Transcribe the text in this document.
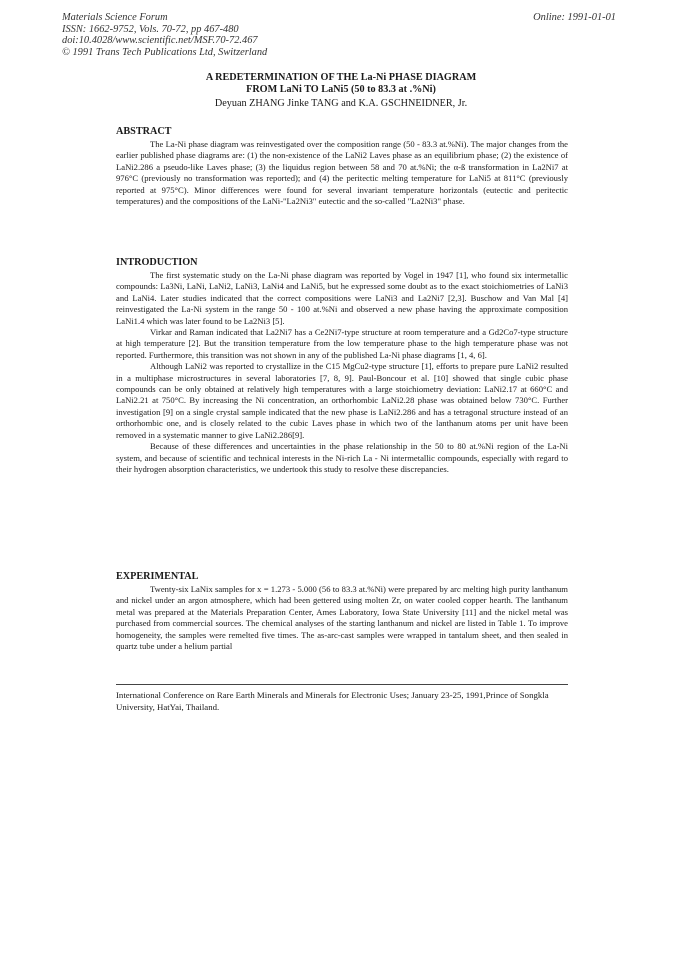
Materials Science Forum
ISSN: 1662-9752, Vols. 70-72, pp 467-480
doi:10.4028/www.scientific.net/MSF.70-72.467
© 1991 Trans Tech Publications Ltd, Switzerland
Online: 1991-01-01
A REDETERMINATION OF THE La-Ni PHASE DIAGRAM
FROM LaNi TO LaNi5 (50 to 83.3 at .%Ni)
Deyuan ZHANG Jinke TANG and K.A. GSCHNEIDNER, Jr.
ABSTRACT

The La-Ni phase diagram was reinvestigated over the composition range (50 - 83.3 at.%Ni). The major changes from the earlier published phase diagrams are: (1) the non-existence of the LaNi2 Laves phase as an equilibrium phase; (2) the existence of LaNi2.286 a pseudo-like Laves phase; (3) the liquidus region between 58 and 70 at.%Ni; the α-ß transformation in La2Ni7 at 976°C (previously no transformation was reported); and (4) the peritectic melting temperature for LaNi5 at 811°C (previously reported at 975°C). Minor differences were found for several invariant temperature horizontals (eutectic and peritectic temperatures) and the compositions of the LaNi-"La2Ni3" eutectic and the so-called "La2Ni3" phase.

INTRODUCTION

The first systematic study on the La-Ni phase diagram was reported by Vogel in 1947 [1], who found six intermetallic compounds: La3Ni, LaNi, LaNi2, LaNi3, LaNi4 and LaNi5, but he expressed some doubt as to the exact stoichiometries of LaNi3 and LaNi4. Later studies indicated that the correct compositions were LaNi3 and La2Ni7 [2,3]. Buschow and Van Mal [4] reinvestigated the La-Ni system in the range 50 - 100 at.%Ni and observed a new phase having the approximate composition LaNi1.4 which was later found to be La2Ni3 [5].

Virkar and Raman indicated that La2Ni7 has a Ce2Ni7-type structure at room temperature and a Gd2Co7-type structure at high temperature [2]. But the transition temperature from the low temperature phase to the high temperature phase was not reported. Furthermore, this transition was not shown in any of the published La-Ni phase diagrams [1, 4, 6].

Although LaNi2 was reported to crystallize in the C15 MgCu2-type structure [1], efforts to prepare pure LaNi2 resulted in a multiphase microstructures in several laboratories [7, 8, 9]. Paul-Boncour et al. [10] showed that single cubic phase compounds can be only obtained at relatively high temperatures with a large stoichiometry deviation: LaNi2.17 at 660°C and LaNi2.21 at 750°C. By increasing the Ni concentration, an orthorhombic LaNi2.28 phase was obtained below 730°C. Further investigation [9] on a single crystal sample indicated that the new phase is LaNi2.286 and has a tetragonal structure instead of an orthorhombic one, and is closely related to the cubic Laves phase in which two of the lanthanum atoms per unit have been removed in a systematic manner to give LaNi2.286[9].

Because of these differences and uncertainties in the phase relationship in the 50 to 80 at.%Ni region of the La-Ni system, and because of scientific and technical interests in the Ni-rich La - Ni intermetallic compounds, especially with regard to their hydrogen absorption characteristics, we undertook this study to resolve these discrepancies.

EXPERIMENTAL

Twenty-six LaNix samples for x = 1.273 - 5.000 (56 to 83.3 at.%Ni) were prepared by arc melting high purity lanthanum and nickel under an argon atmosphere, which had been gettered using molten Zr, on water cooled copper hearth. The lanthanum metal was prepared at the Materials Preparation Center, Ames Laboratory, Iowa State University [11] and the nickel metal was purchased from commercial sources. The chemical analyses of the starting lanthanum and nickel are listed in Table 1. To improve homogeneity, the samples were remelted five times. The as-arc-cast samples were wrapped in tantalum sheet, and then sealed in quartz tube under a helium partial

International Conference on Rare Earth Minerals and Minerals for Electronic Uses; January 23-25, 1991,Prince of Songkla University, HatYai, Thailand.
